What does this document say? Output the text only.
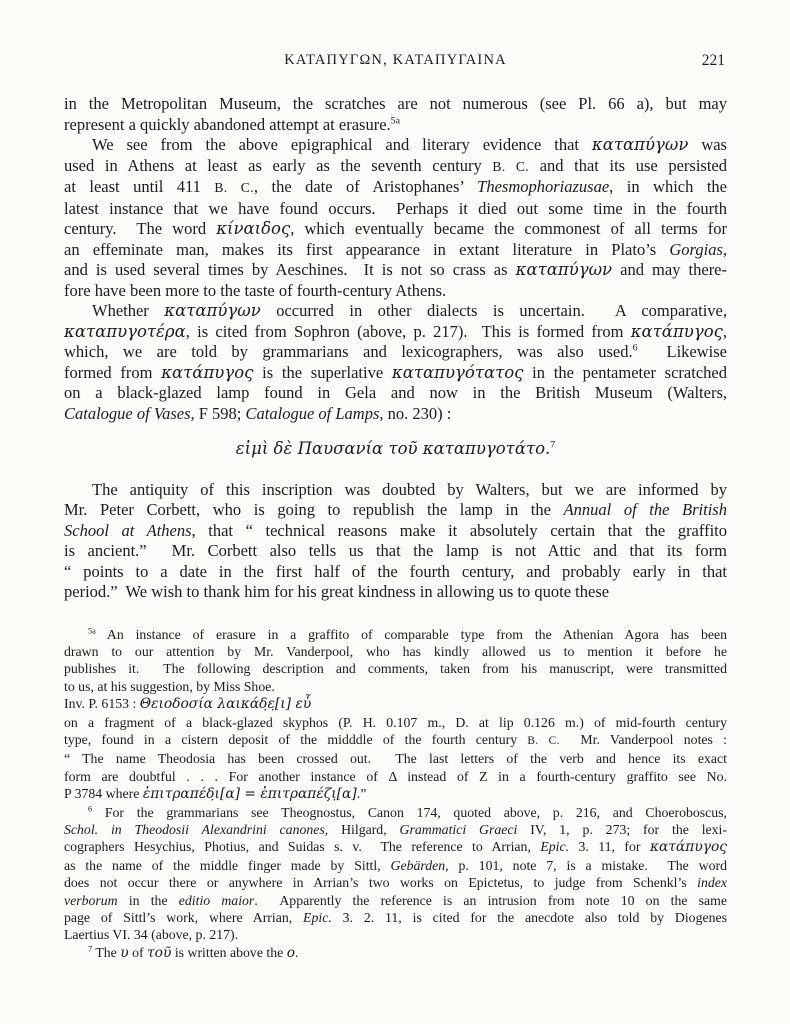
ΚΑΤΑΠΥΓΩΝ, ΚΑΤΑΠΥΓΑΙΝΑ	221
in the Metropolitan Museum, the scratches are not numerous (see Pl. 66 a), but may
represent a quickly abandoned attempt at erasure.$^{5a}$
We see from the above epigraphical and literary evidence that καταπύγων was
used in Athens at least as early as the seventh century B. C. and that its use persisted
at least until 411 B. C., the date of Aristophanes’ Thesmophoriazusae, in which the
latest instance that we have found occurs.  Perhaps it died out some time in the fourth
century.  The word κίναιδος, which eventually became the commonest of all terms for
an effeminate man, makes its first appearance in extant literature in Plato’s Gorgias,
and is used several times by Aeschines.  It is not so crass as καταπύγων and may there-
fore have been more to the taste of fourth-century Athens.
Whether καταπύγων occurred in other dialects is uncertain.  A comparative,
καταπυγοτέρα, is cited from Sophron (above, p. 217).  This is formed from κατάπυγος,
which, we are told by grammarians and lexicographers, was also used.$^6$  Likewise
formed from κατάπυγος is the superlative καταπυγότατος in the pentameter scratched
on a black-glazed lamp found in Gela and now in the British Museum (Walters,
Catalogue of Vases, F 598; Catalogue of Lamps, no. 230) :
εἰμὶ δὲ Παυσανία τοῦ καταπυγοτάτο.$^7$
The antiquity of this inscription was doubted by Walters, but we are informed by
Mr. Peter Corbett, who is going to republish the lamp in the Annual of the British
School at Athens, that “ technical reasons make it absolutely certain that the graffito
is ancient.”  Mr. Corbett also tells us that the lamp is not Attic and that its form
“ points to a date in the first half of the fourth century, and probably early in that
period.”  We wish to thank him for his great kindness in allowing us to quote these
$^{5a}$ An instance of erasure in a graffito of comparable type from the Athenian Agora has been
drawn to our attention by Mr. Vanderpool, who has kindly allowed us to mention it before he
publishes it.  The following description and comments, taken from his manuscript, were transmitted
to us, at his suggestion, by Miss Shoe.
Inv. P. 6153 : Θειοδοσία λαικάδ̣ε̣[ι] εὖ
on a fragment of a black-glazed skyphos (P. H. 0.107 m., D. at lip 0.126 m.) of mid-fourth century
type, found in a cistern deposit of the midddle of the fourth century B. C.  Mr. Vanderpool notes :
“ The name Theodosia has been crossed out.  The last letters of the verb and hence its exact
form are doubtful . . . For another instance of Δ instead of Z in a fourth-century graffito see No.
P 3784 where ἐπιτραπέδ̣ι[α] = ἐπιτραπέζι̣[α].”
$^6$ For the grammarians see Theognostus, Canon 174, quoted above, p. 216, and Choeroboscus,
Schol. in Theodosii Alexandrini canones, Hilgard, Grammatici Graeci IV, 1, p. 273; for the lexi-
cographers Hesychius, Photius, and Suidas s. v.  The reference to Arrian, Epic. 3. 11, for κατάπυγος
as the name of the middle finger made by Sittl, Gebärden, p. 101, note 7, is a mistake.  The word
does not occur there or anywhere in Arrian’s two works on Epictetus, to judge from Schenkl’s index
verborum in the editio maior.  Apparently the reference is an intrusion from note 10 on the same
page of Sittl’s work, where Arrian, Epic. 3. 2. 11, is cited for the anecdote also told by Diogenes
Laertius VI. 34 (above, p. 217).
$^7$ The υ of τοῦ is written above the ο.
